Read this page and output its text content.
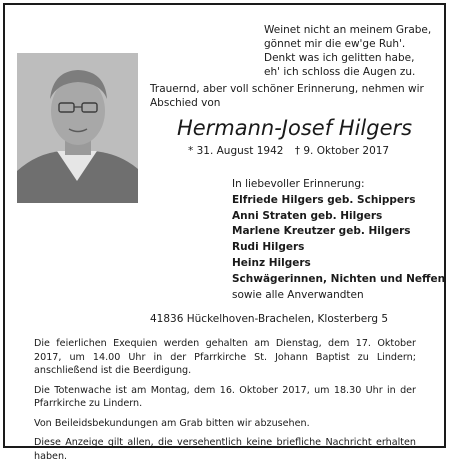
Weinet nicht an meinem Grabe,
gönnet mir die ew'ge Ruh'.
Denkt was ich gelitten habe,
eh' ich schloss die Augen zu.
Trauernd, aber voll schöner Erinnerung, nehmen wir
Abschied von
Hermann-Josef Hilgers
* 31. August 1942 † 9. Oktober 2017
In liebevoller Erinnerung:
Elfriede Hilgers geb. Schippers
Anni Straten geb. Hilgers
Marlene Kreutzer geb. Hilgers
Rudi Hilgers
Heinz Hilgers
Schwägerinnen, Nichten und Neffen
sowie alle Anverwandten
41836 Hückelhoven-Brachelen, Klosterberg 5

Die feierlichen Exequien werden gehalten am Dienstag, dem 17. Oktober 2017, um 14.00 Uhr in der Pfarrkirche St. Johann Baptist zu Lindern; anschließend ist die Beerdigung.

Die Totenwache ist am Montag, dem 16. Oktober 2017, um 18.30 Uhr in der Pfarrkirche zu Lindern.

Von Beileidsbekundungen am Grab bitten wir abzusehen.

Diese Anzeige gilt allen, die versehentlich keine briefliche Nachricht erhalten haben.
